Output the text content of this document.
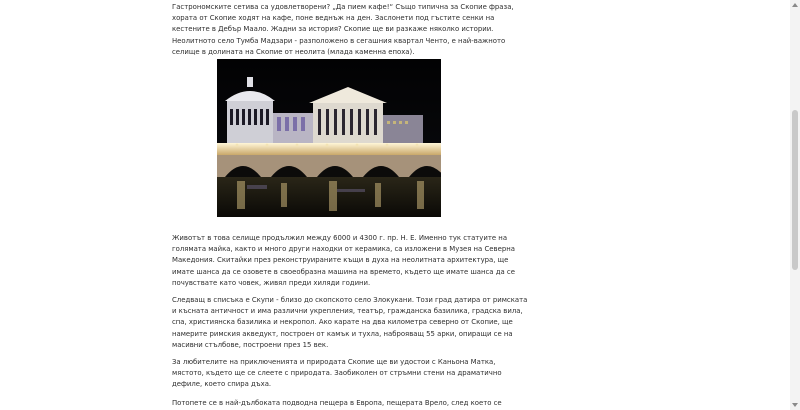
Гастрономските сетива са удовлетворени? „Да пием кафе!“ Също типична за Скопие фраза,
хората от Скопие ходят на кафе, поне веднъж на ден. Заслонети под гъстите сенки на
кестените в Дебър Маало. Жадни за история? Скопие ще ви разкаже няколко истории.
Неолитното село Тумба Мадзари - разположено в сегашния квартал Ченто, е най-важното
селище в долината на Скопие от неолита (млада каменна епоха).

Животът в това селище продължил между 6000 и 4300 г. пр. Н. Е. Именно тук статуите на
голямата майка, както и много други находки от керамика, са изложени в Музея на Северна
Македония. Скитайки през реконструираните къщи в духа на неолитната архитектура, ще
имате шанса да се озовете в своеобразна машина на времето, където ще имате шанса да се
почувствате като човек, живял преди хиляди години.

Следващ в списъка е Скупи - близо до скопското село Злокукани. Този град датира от римската
и късната античност и има различни укрепления, театър, гражданска базилика, градска вила,
спа, християнска базилика и некропол. Ако карате на два километра северно от Скопие, ще
намерите римския акведукт, построен от камък и тухла, наброяващ 55 арки, опиращи се на
масивни стълбове, построени през 15 век.

За любителите на приключенията и природата Скопие ще ви удостои с Каньона Матка,
мястото, където ще се слеете с природата. Заобиколен от стръмни стени на драматично
дефиле, което спира дъха.

Потопете се в най-дълбоката подводна пещера в Европа, пещерата Врело, след което се
